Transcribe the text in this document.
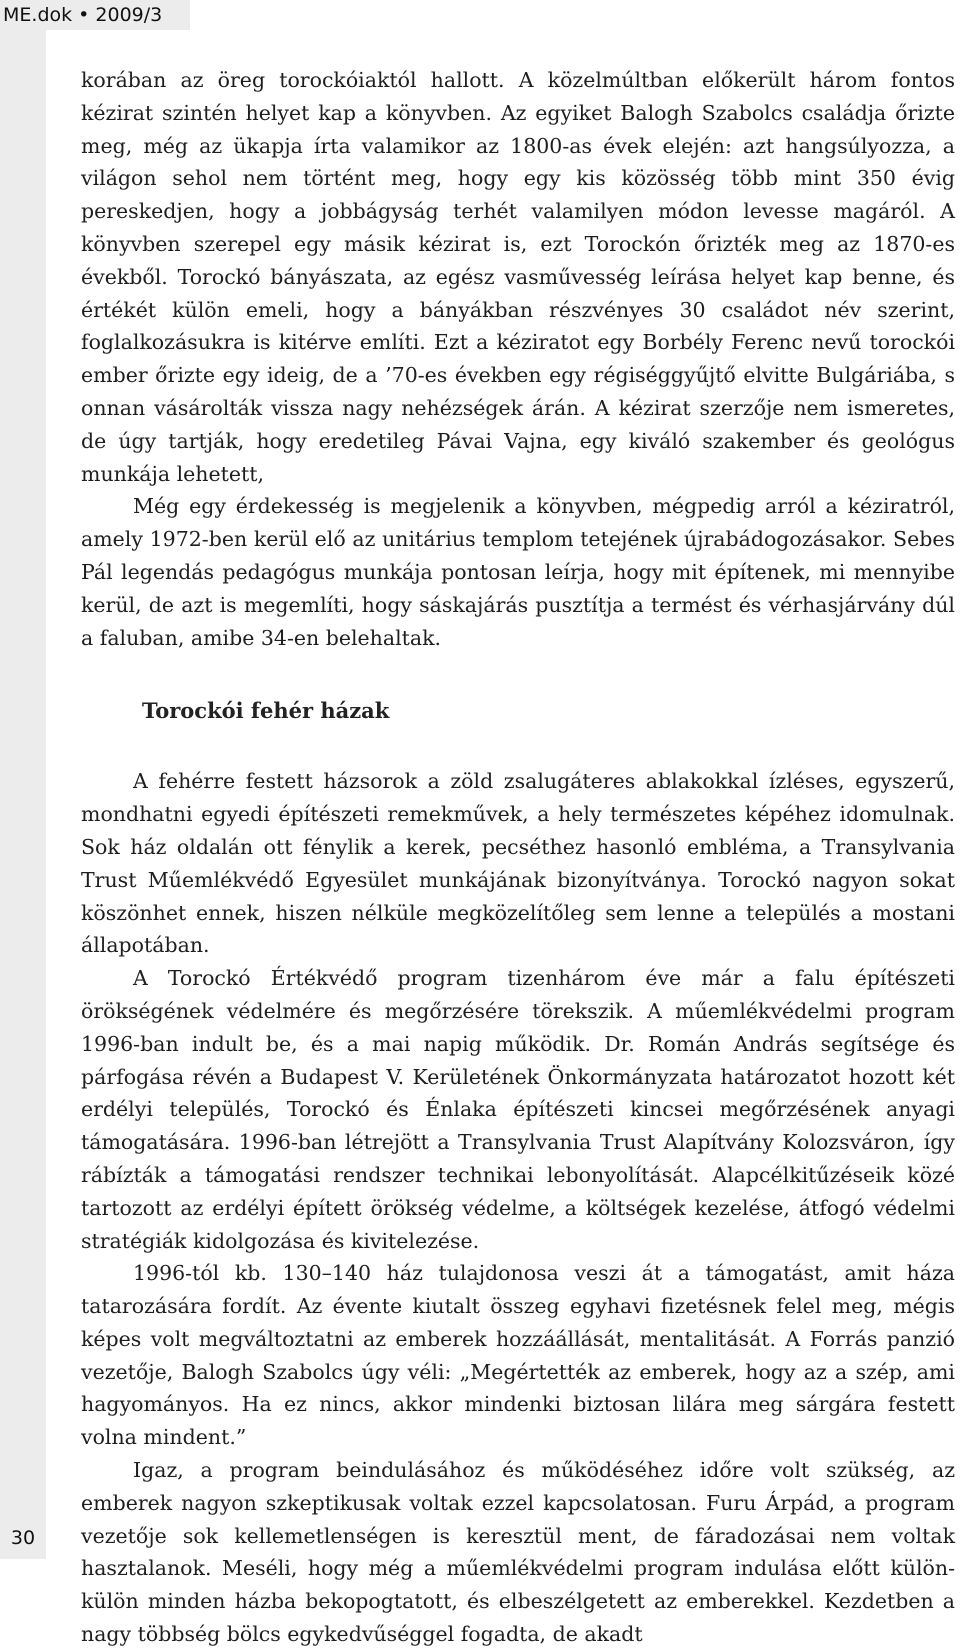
ME.dok • 2009/3
30

korában az öreg torockóiaktól hallott. A közelmúltban előkerült három fontos kézirat szintén helyet kap a könyvben. Az egyiket Balogh Szabolcs családja őrizte meg, még az ükapja írta valamikor az 1800-as évek elején: azt hangsúlyozza, a világon sehol nem történt meg, hogy egy kis közösség több mint 350 évig pereskedjen, hogy a jobbágyság terhét valamilyen módon levesse magáról. A könyvben szerepel egy másik kézirat is, ezt Torockón őrizték meg az 1870-es évekből. Torockó bányászata, az egész vasművesség leírása helyet kap benne, és értékét külön emeli, hogy a bányákban részvényes 30 családot név szerint, foglalkozásukra is kitérve említi. Ezt a kéziratot egy Borbély Ferenc nevű torockói ember őrizte egy ideig, de a ’70-es években egy régiséggyűjtő elvitte Bulgáriába, s onnan vásárolták vissza nagy nehézségek árán. A kézirat szerzője nem ismeretes, de úgy tartják, hogy eredetileg Pávai Vajna, egy kiváló szakember és geológus munkája lehetett,

Még egy érdekesség is megjelenik a könyvben, mégpedig arról a kéziratról, amely 1972-ben kerül elő az unitárius templom tetejének újrabádogozásakor. Sebes Pál legendás pedagógus munkája pontosan leírja, hogy mit építenek, mi mennyibe kerül, de azt is megemlíti, hogy sáskajárás pusztítja a termést és vérhasjárvány dúl a faluban, amibe 34-en belehaltak.

Torockói fehér házak

A fehérre festett házsorok a zöld zsalugáteres ablakokkal ízléses, egyszerű, mondhatni egyedi építészeti remekművek, a hely természetes képéhez idomulnak. Sok ház oldalán ott fénylik a kerek, pecséthez hasonló embléma, a Transylvania Trust Műemlékvédő Egyesület munkájának bizonyítványa. Torockó nagyon sokat köszönhet ennek, hiszen nélküle megközelítőleg sem lenne a település a mostani állapotában.

A Torockó Értékvédő program tizenhárom éve már a falu építészeti örökségének védelmére és megőrzésére törekszik. A műemlékvédelmi program 1996-ban indult be, és a mai napig működik. Dr. Román András segítsége és párfogása révén a Budapest V. Kerületének Önkormányzata határozatot hozott két erdélyi település, Torockó és Énlaka építészeti kincsei megőrzésének anyagi támogatására. 1996-ban létrejött a Transylvania Trust Alapítvány Kolozsváron, így rábízták a támogatási rendszer technikai lebonyolítását. Alapcélkitűzéseik közé tartozott az erdélyi épített örökség védelme, a költségek kezelése, átfogó védelmi stratégiák kidolgozása és kivitelezése.

1996-tól kb. 130–140 ház tulajdonosa veszi át a támogatást, amit háza tatarozására fordít. Az évente kiutalt összeg egyhavi fizetésnek felel meg, mégis képes volt megváltoztatni az emberek hozzáállását, mentalitását. A Forrás panzió vezetője, Balogh Szabolcs úgy véli: „Megértették az emberek, hogy az a szép, ami hagyományos. Ha ez nincs, akkor mindenki biztosan lilára meg sárgára festett volna mindent.”

Igaz, a program beindulásához és működéséhez időre volt szükség, az emberek nagyon szkeptikusak voltak ezzel kapcsolatosan. Furu Árpád, a program vezetője sok kellemetlenségen is keresztül ment, de fáradozásai nem voltak hasztalanok. Meséli, hogy még a műemlékvédelmi program indulása előtt külön-külön minden házba bekopogtatott, és elbeszélgetett az emberekkel. Kezdetben a nagy többség bölcs egykedvűséggel fogadta, de akadt
